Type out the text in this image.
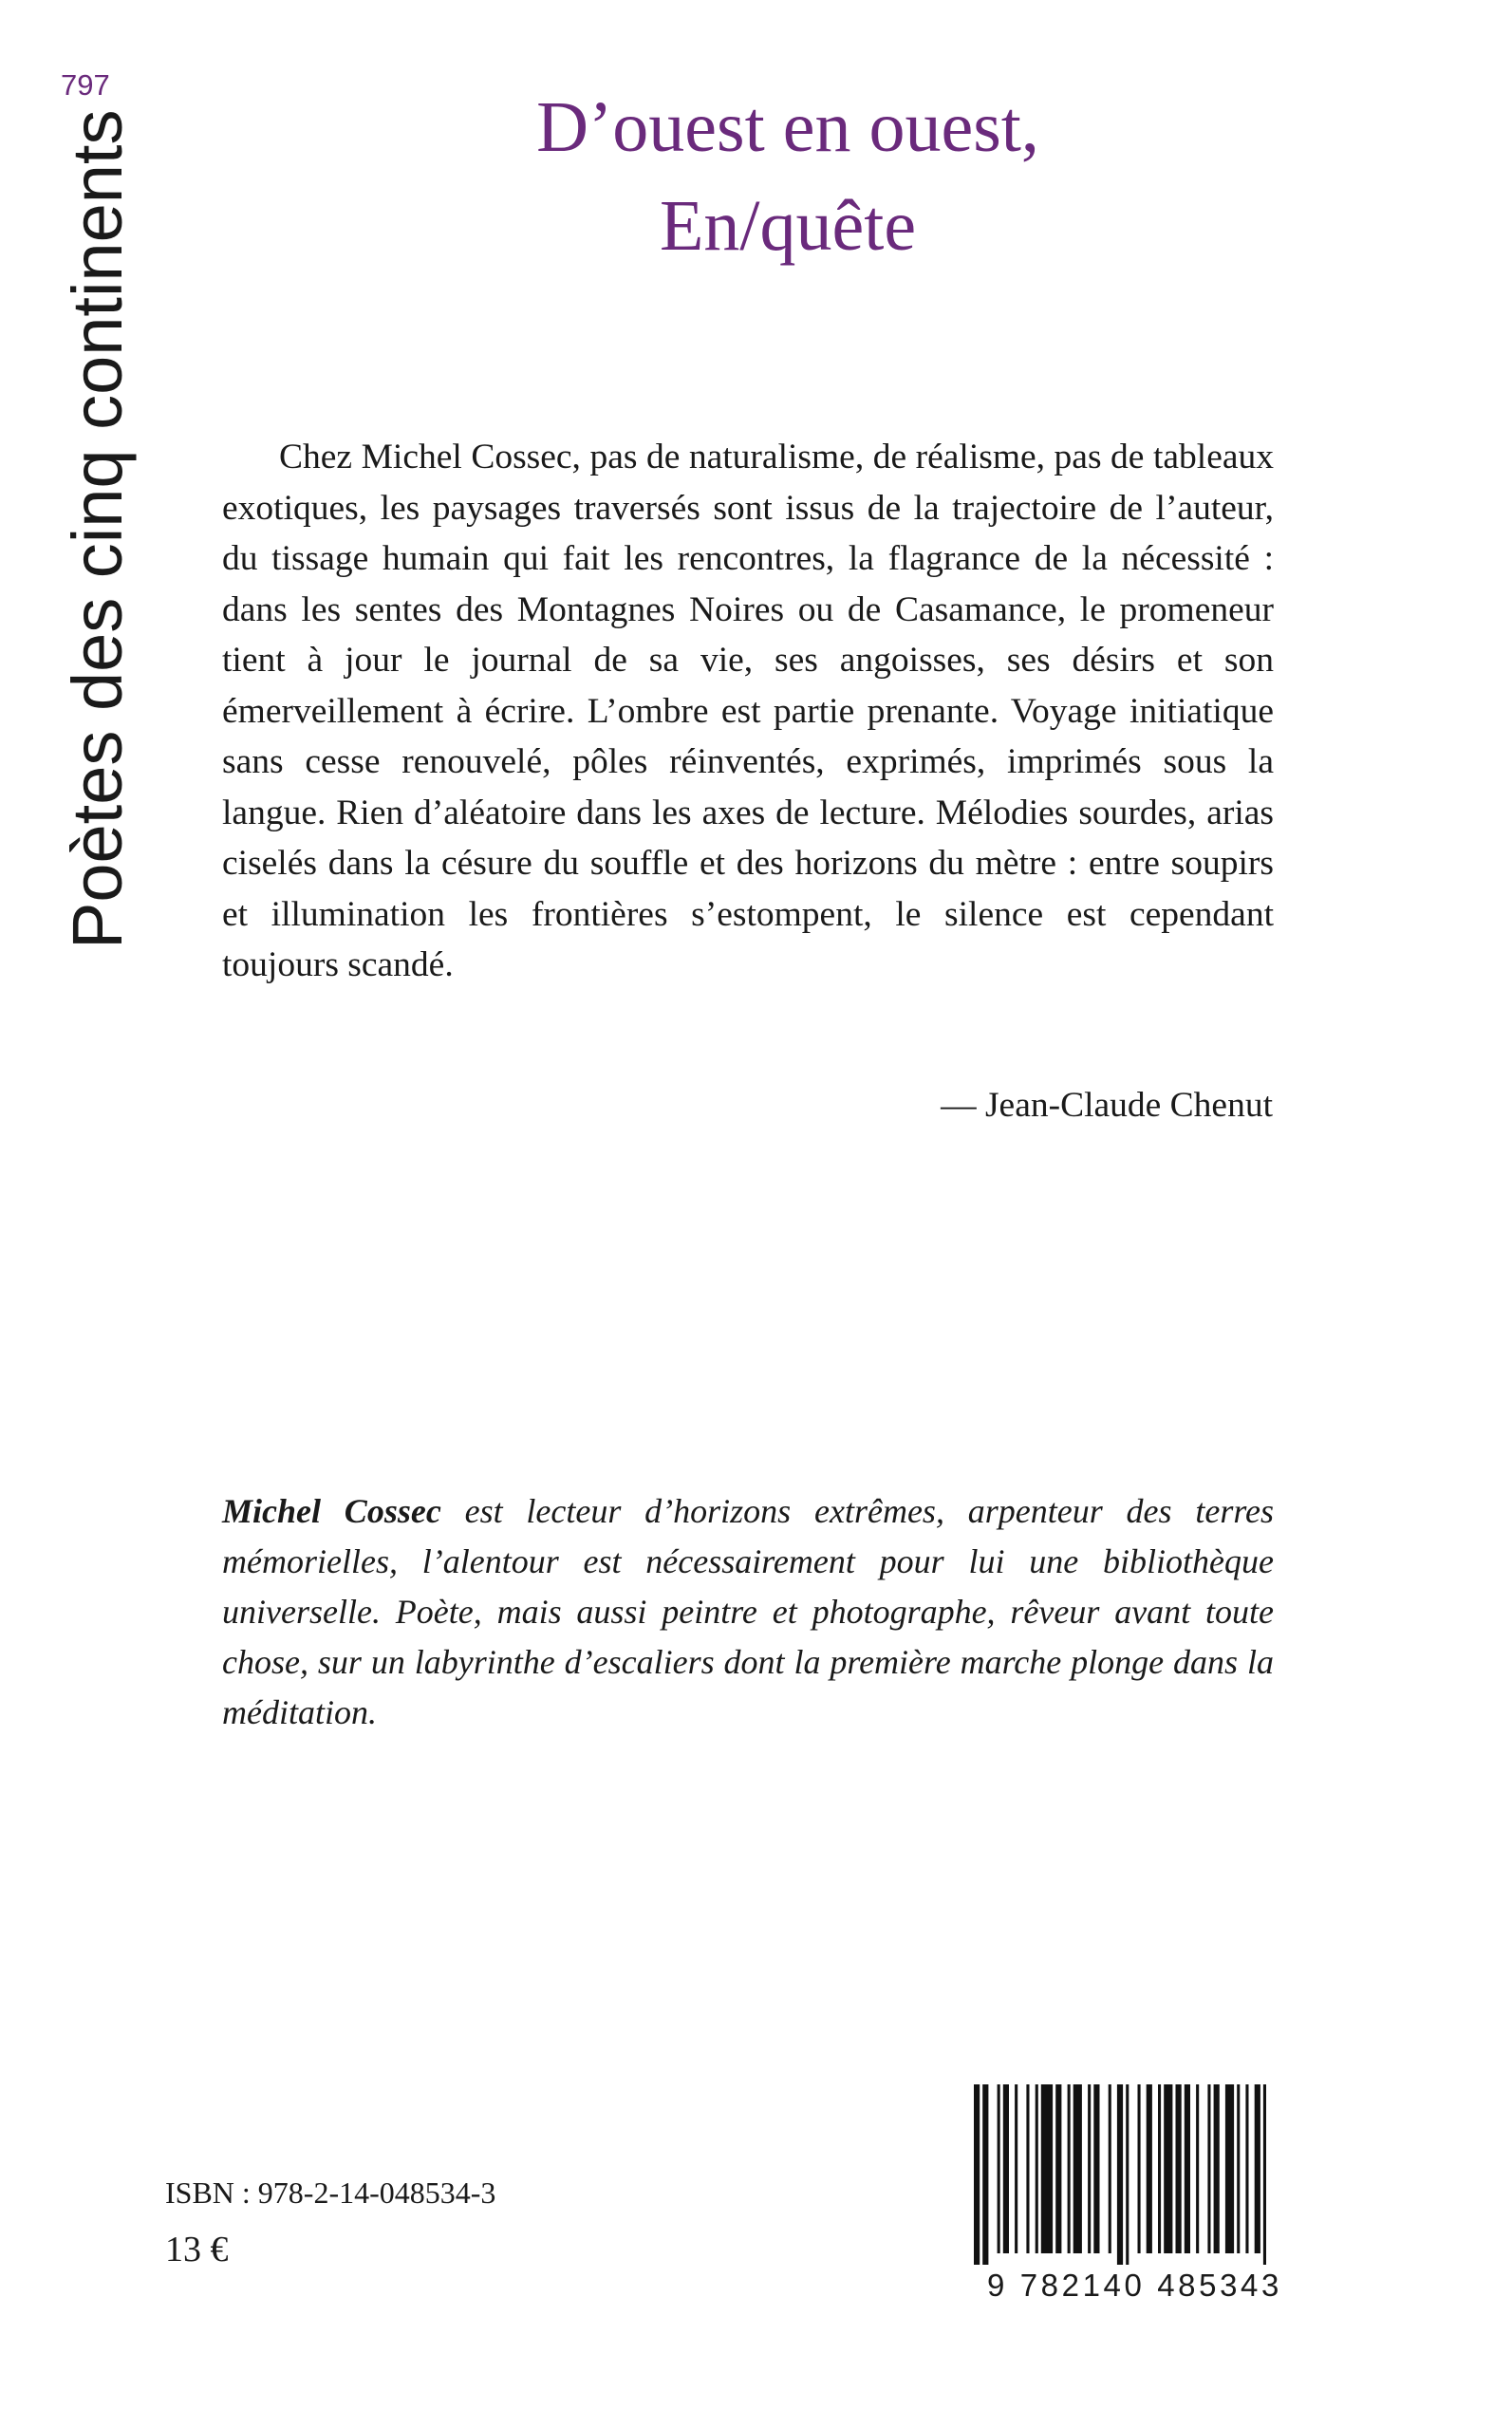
797
Poètes des cinq continents	D’ouest en ouest,
En/quête

Chez Michel Cossec, pas de naturalisme, de réalisme, pas de tableaux exotiques, les paysages traversés sont issus de la trajectoire de l’auteur, du tissage humain qui fait les rencontres, la flagrance de la nécessité : dans les sentes des Montagnes Noires ou de Casamance, le promeneur tient à jour le journal de sa vie, ses angoisses, ses désirs et son émerveillement à écrire. L’ombre est partie prenante. Voyage initiatique sans cesse renouvelé, pôles réinventés, exprimés, imprimés sous la langue. Rien d’aléatoire dans les axes de lecture. Mélodies sourdes, arias ciselés dans la césure du souffle et des horizons du mètre : entre soupirs et illumination les frontières s’estompent, le silence est cependant toujours scandé.

— Jean-Claude Chenut
Michel Cossec est lecteur d’horizons extrêmes, arpenteur des terres mémorielles, l’alentour est nécessairement pour lui une bibliothèque universelle. Poète, mais aussi peintre et photographe, rêveur avant toute chose, sur un labyrinthe d’escaliers dont la première marche plonge dans la méditation.
ISBN : 978-2-14-048534-3
13 €
9 782140 485343
